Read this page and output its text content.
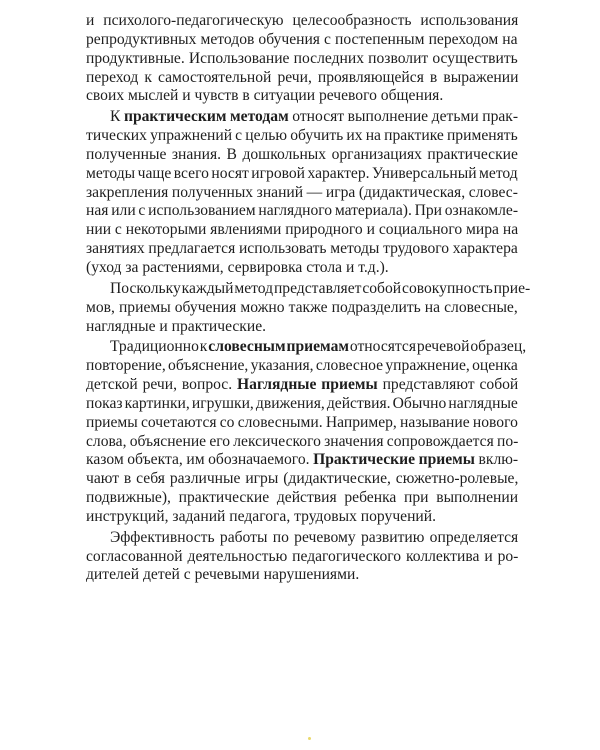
и психолого-педагогическую целесообразность использования
репродуктивных методов обучения с постепенным переходом на
продуктивные. Использование последних позволит осуществить
переход к самостоятельной речи, проявляющейся в выражении
своих мыслей и чувств в ситуации речевого общения.
К практическим методам относят выполнение детьми прак-
тических упражнений с целью обучить их на практике применять
полученные знания. В дошкольных организациях практические
методы чаще всего носят игровой характер. Универсальный метод
закрепления полученных знаний — игра (дидактическая, словес-
ная или с использованием наглядного материала). При ознакомле-
нии с некоторыми явлениями природного и социального мира на
занятиях предлагается использовать методы трудового характера
(уход за растениями, сервировка стола и т.д.).
Поскольку каждый метод представляет собой совокупность прие-
мов, приемы обучения можно также подразделить на словесные,
наглядные и практические.
Традиционно к словесным приемам относятся речевой образец,
повторение, объяснение, указания, словесное упражнение, оценка
детской речи, вопрос. Наглядные приемы представляют собой
показ картинки, игрушки, движения, действия. Обычно наглядные
приемы сочетаются со словесными. Например, называние нового
слова, объяснение его лексического значения сопровождается по-
казом объекта, им обозначаемого. Практические приемы вклю-
чают в себя различные игры (дидактические, сюжетно-ролевые,
подвижные), практические действия ребенка при выполнении
инструкций, заданий педагога, трудовых поручений.
Эффективность работы по речевому развитию определяется
согласованной деятельностью педагогического коллектива и ро-
дителей детей с речевыми нарушениями.
